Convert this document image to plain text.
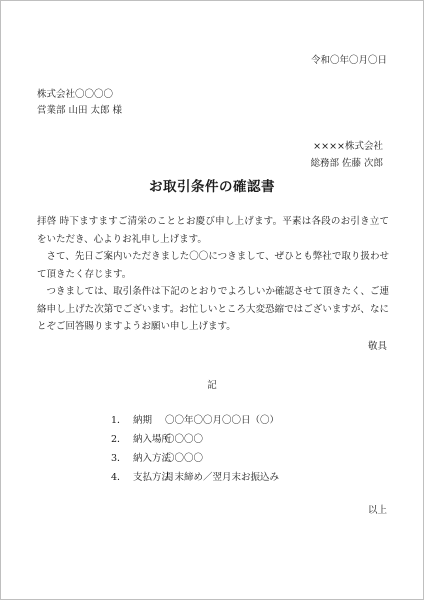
令和〇年〇月〇日
株式会社〇〇〇〇
営業部 山田 太郎 様
××××株式会社
総務部 佐藤 次郎
お取引条件の確認書

拝啓 時下ますますご清栄のこととお慶び申し上げます。平素は各段のお引き立てをいただき、心よりお礼申し上げます。

さて、先日ご案内いただきました〇〇につきまして、ぜひとも弊社で取り扱わせて頂きたく存じます。

つきましては、取引条件は下記のとおりでよろしいか確認させて頂きたく、ご連絡申し上げた次第でございます。お忙しいところ大変恐縮ではございますが、なにとぞご回答賜りますようお願い申し上げます。

敬具
記
1． 納期 〇〇年〇〇月〇〇日（〇）
2． 納入場所
〇〇〇〇
3． 納入方法
〇〇〇〇
4． 支払方法
月末締め／翌月末お振込み
以上
